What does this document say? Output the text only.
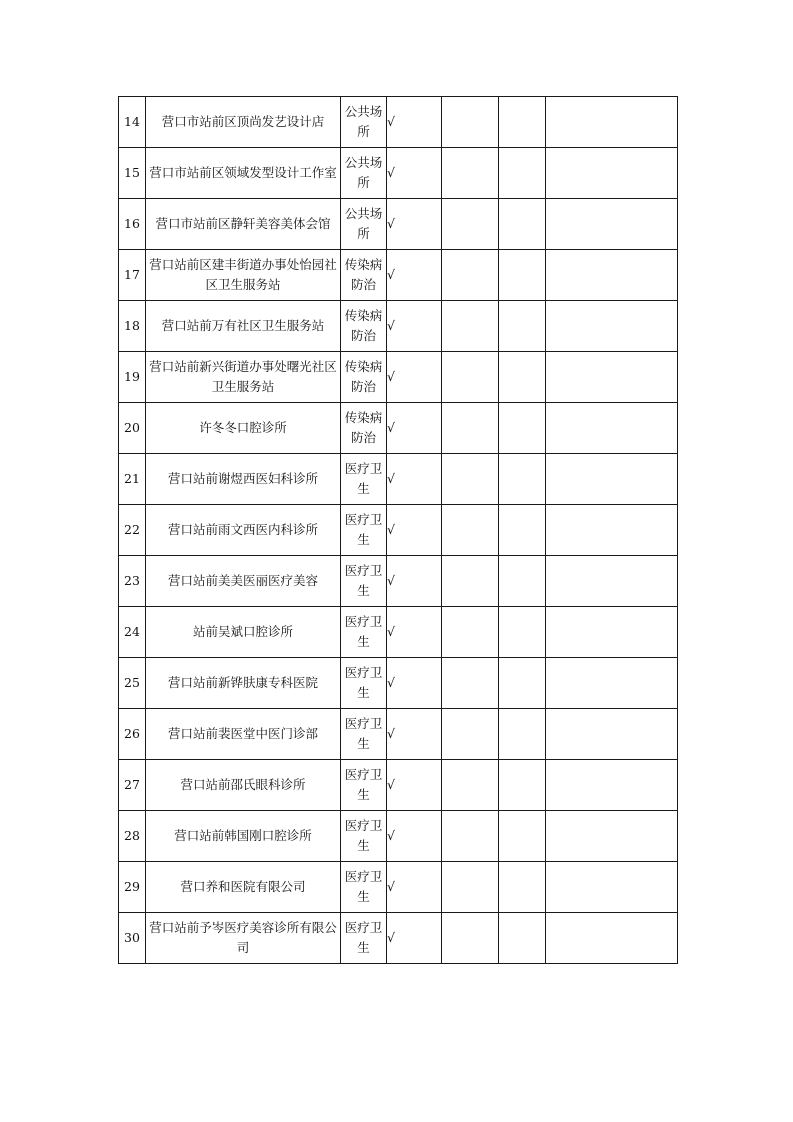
14	营口市站前区顶尚发艺设计店	公共场所	√			
15	营口市站前区领域发型设计工作室	公共场所	√			
16	营口市站前区静轩美容美体会馆	公共场所	√			
17	营口站前区建丰街道办事处怡园社区卫生服务站	传染病防治	√			
18	营口站前万有社区卫生服务站	传染病防治	√			
19	营口站前新兴街道办事处曙光社区卫生服务站	传染病防治	√			
20	许冬冬口腔诊所	传染病防治	√			
21	营口站前谢煜西医妇科诊所	医疗卫生	√			
22	营口站前雨文西医内科诊所	医疗卫生	√			
23	营口站前美美医丽医疗美容	医疗卫生	√			
24	站前吴斌口腔诊所	医疗卫生	√			
25	营口站前新铧肤康专科医院	医疗卫生	√			
26	营口站前裴医堂中医门诊部	医疗卫生	√			
27	营口站前邵氏眼科诊所	医疗卫生	√			
28	营口站前韩国刚口腔诊所	医疗卫生	√			
29	营口养和医院有限公司	医疗卫生	√			
30	营口站前予岑医疗美容诊所有限公司	医疗卫生	√			
